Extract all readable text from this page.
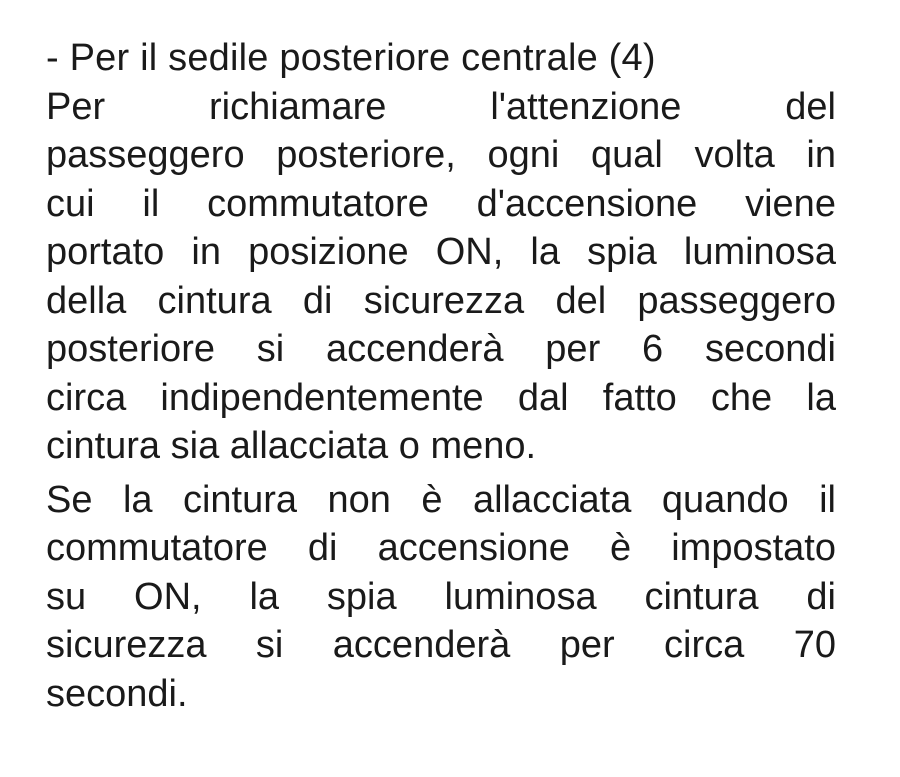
- Per il sedile posteriore centrale (4)

Per	richiamare	l'attenzione	del
passeggero posteriore, ogni qual volta in
cui il commutatore d'accensione viene
portato in posizione ON, la spia luminosa
della cintura di sicurezza del passeggero
posteriore si accenderà per 6 secondi
circa indipendentemente dal fatto che la
cintura sia allacciata o meno.
Se la cintura non è allacciata quando il
commutatore di accensione è impostato
su ON, la spia luminosa cintura di
sicurezza si accenderà per circa 70
secondi.
